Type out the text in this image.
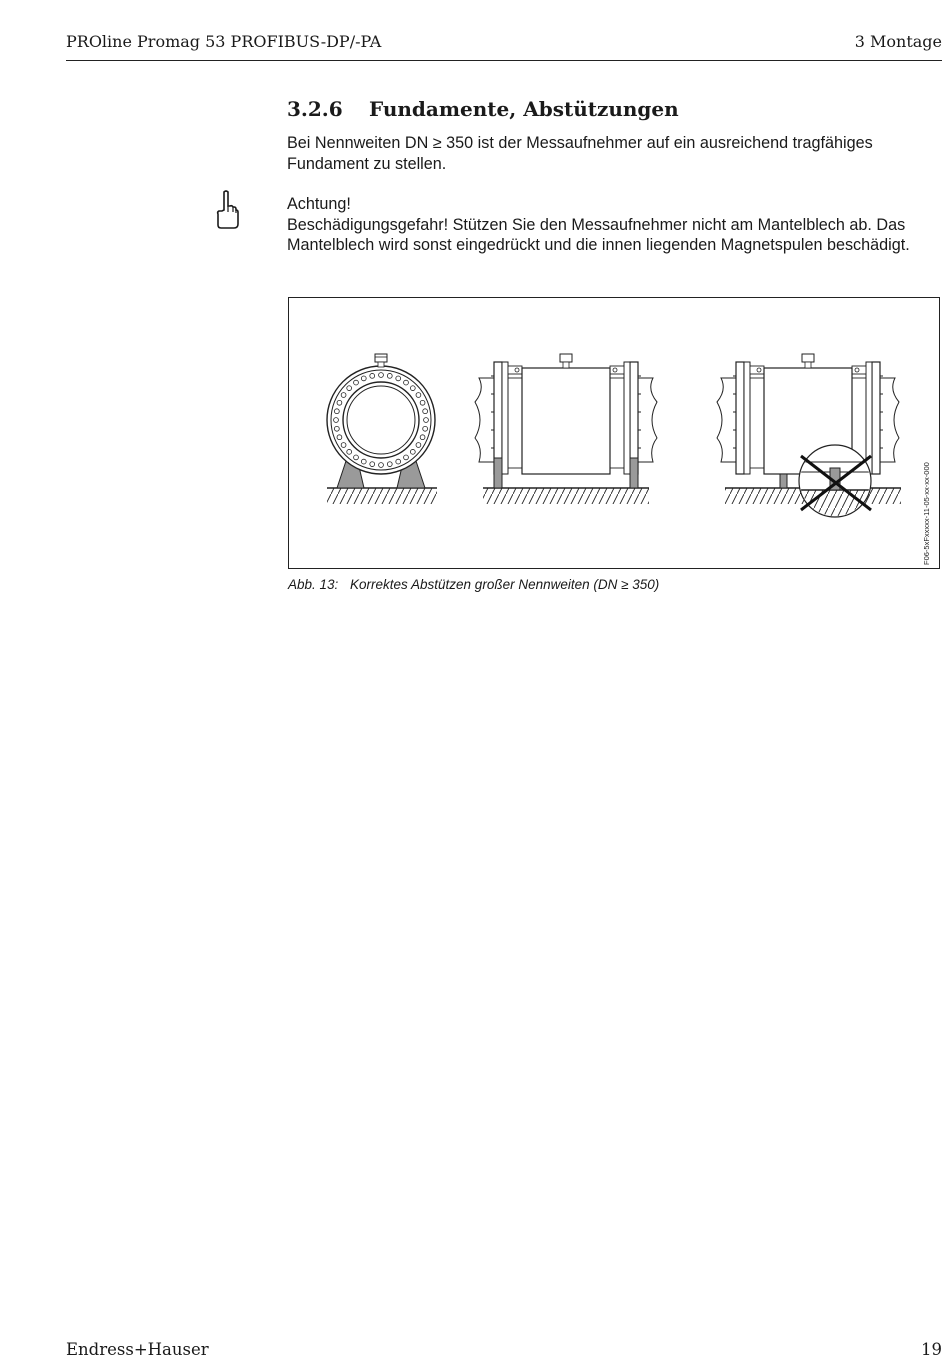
PROline Promag 53 PROFIBUS-DP/-PA	3 Montage
3.2.6 Fundamente, Abstützungen
Bei Nennweiten DN ≥ 350 ist der Messaufnehmer auf ein ausreichend tragfähiges Fundament zu stellen.
Achtung!
Beschädigungsgefahr! Stützen Sie den Messaufnehmer nicht am Mantelblech ab. Das Mantelblech wird sonst eingedrückt und die innen liegenden Magnetspulen beschädigt.
F06-5xFxxxxx-11-05-xx-xx-000
Abb. 13: Korrektes Abstützen großer Nennweiten (DN ≥ 350)
Endress+Hauser	19
